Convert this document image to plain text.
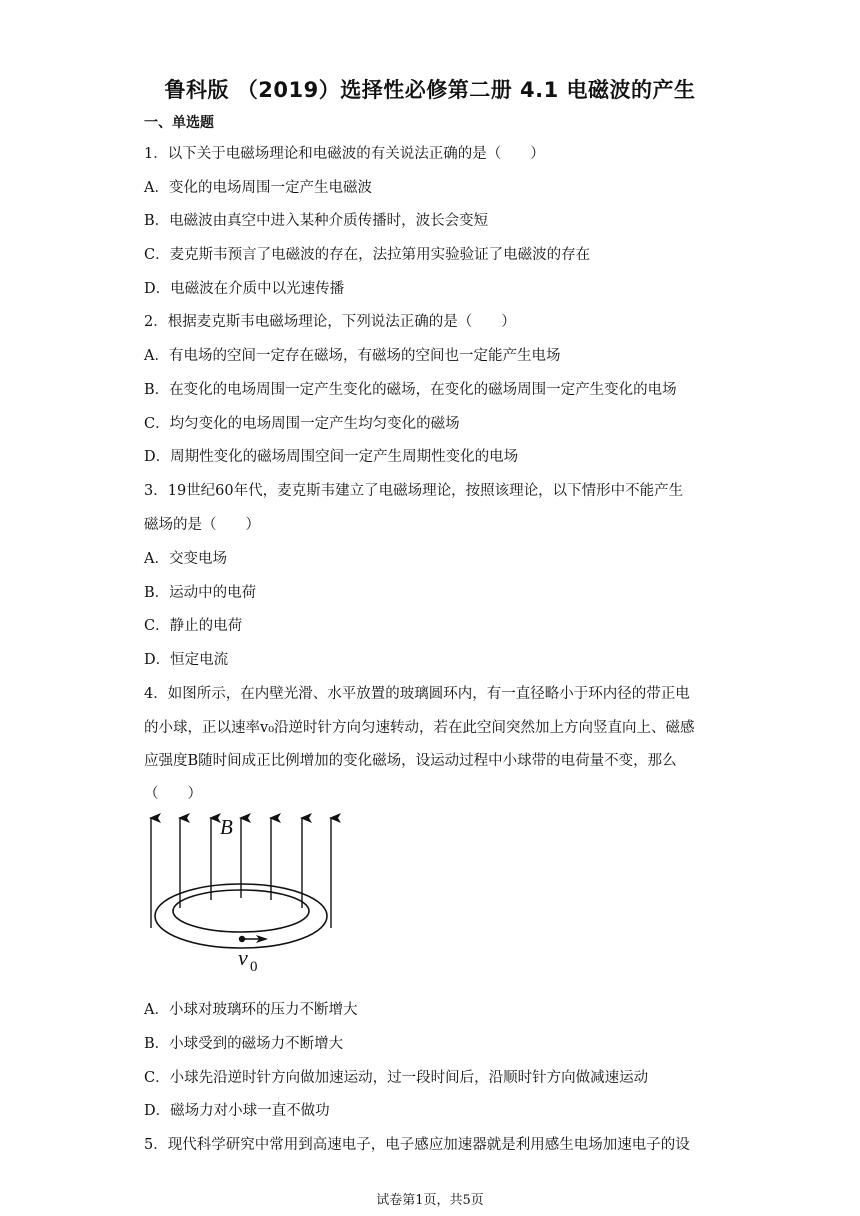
鲁科版 （2019）选择性必修第二册 4.1 电磁波的产生
一、单选题
1．以下关于电磁场理论和电磁波的有关说法正确的是（　　）
A．变化的电场周围一定产生电磁波
B．电磁波由真空中进入某种介质传播时，波长会变短
C．麦克斯韦预言了电磁波的存在，法拉第用实验验证了电磁波的存在
D．电磁波在介质中以光速传播
2．根据麦克斯韦电磁场理论，下列说法正确的是（　　）
A．有电场的空间一定存在磁场，有磁场的空间也一定能产生电场
B．在变化的电场周围一定产生变化的磁场，在变化的磁场周围一定产生变化的电场
C．均匀变化的电场周围一定产生均匀变化的磁场
D．周期性变化的磁场周围空间一定产生周期性变化的电场
3．19世纪60年代，麦克斯韦建立了电磁场理论，按照该理论，以下情形中不能产生
磁场的是（　　）
A．交变电场
B．运动中的电荷
C．静止的电荷
D．恒定电流
4．如图所示，在内壁光滑、水平放置的玻璃圆环内，有一直径略小于环内径的带正电
的小球，正以速率v₀沿逆时针方向匀速转动，若在此空间突然加上方向竖直向上、磁感
应强度B随时间成正比例增加的变化磁场，设运动过程中小球带的电荷量不变，那么
（　　）
B
v 0
A．小球对玻璃环的压力不断增大
B．小球受到的磁场力不断增大
C．小球先沿逆时针方向做加速运动，过一段时间后，沿顺时针方向做减速运动
D．磁场力对小球一直不做功
5．现代科学研究中常用到高速电子，电子感应加速器就是利用感生电场加速电子的设
试卷第1页，共5页
